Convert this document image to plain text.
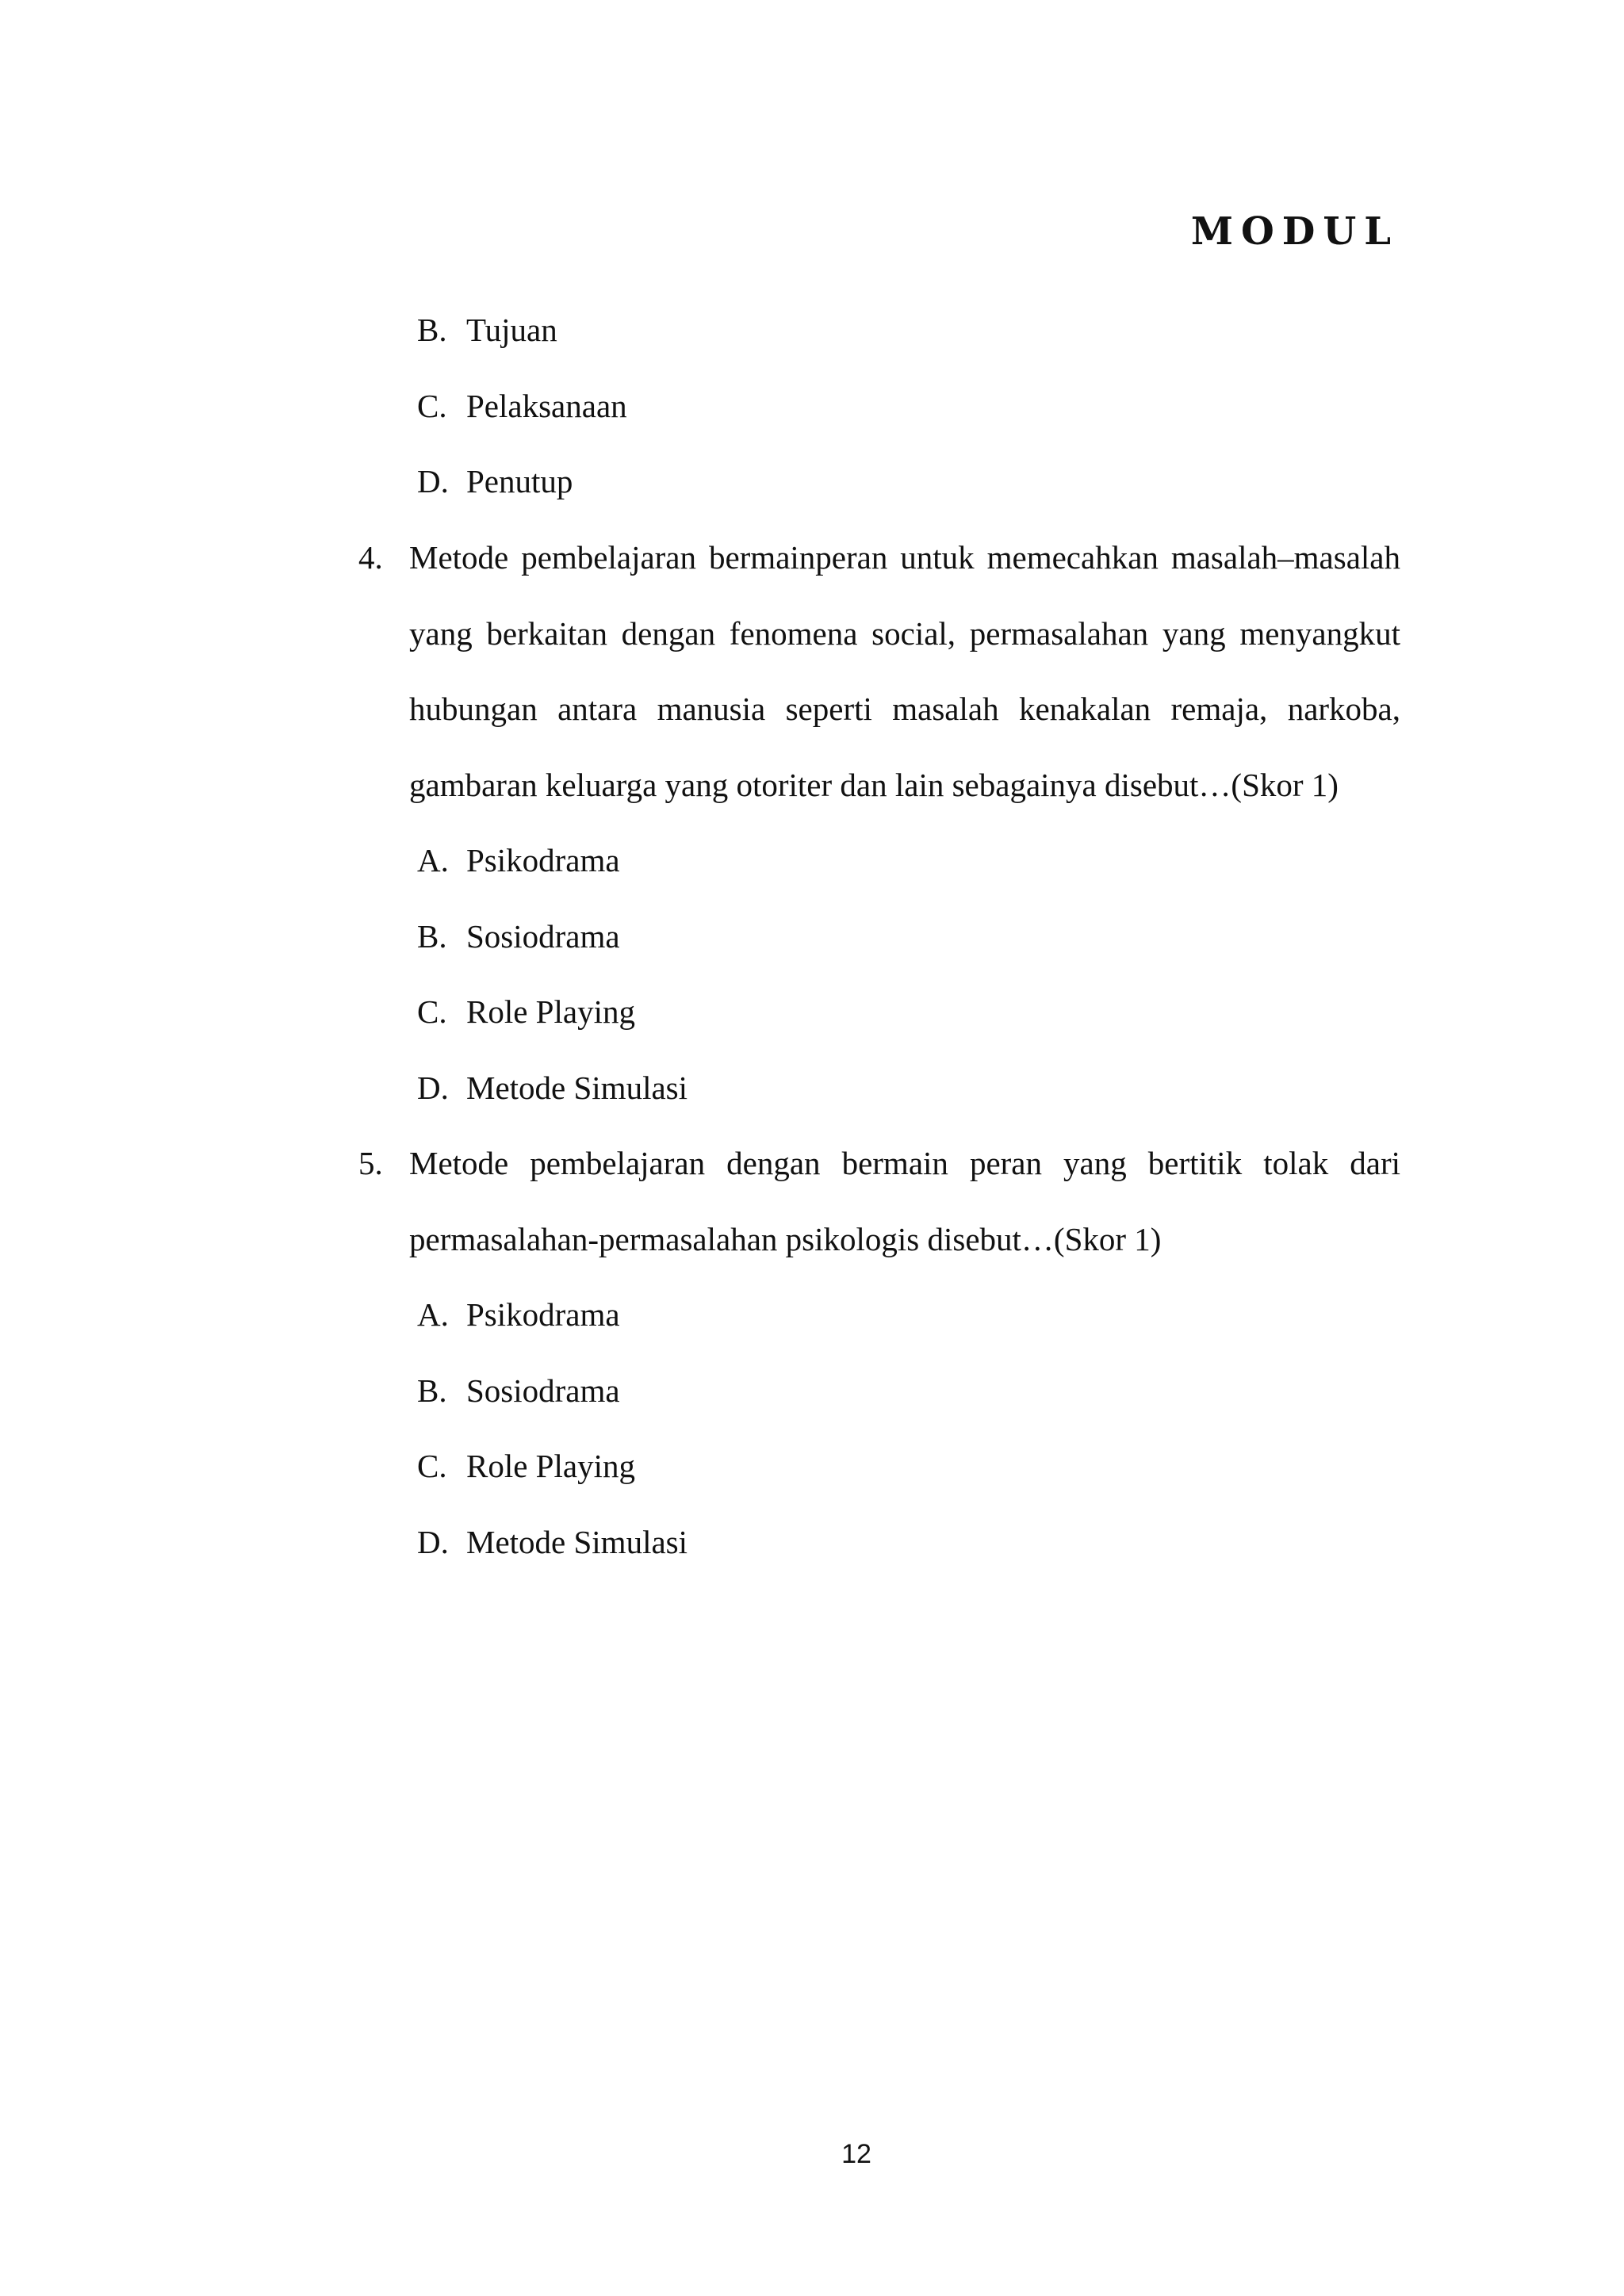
MODUL
B. Tujuan
C. Pelaksanaan
D. Penutup
4. Metode pembelajaran bermainperan untuk memecahkan masalah–masalah
yang berkaitan dengan fenomena social, permasalahan yang menyangkut
hubungan antara manusia seperti masalah kenakalan remaja, narkoba,
gambaran keluarga yang otoriter dan lain sebagainya disebut…(Skor 1)
A. Psikodrama
B. Sosiodrama
C. Role Playing
D. Metode Simulasi
5. Metode pembelajaran dengan bermain peran yang bertitik tolak dari
permasalahan-permasalahan psikologis disebut…(Skor 1)
A. Psikodrama
B. Sosiodrama
C. Role Playing
D. Metode Simulasi
12
